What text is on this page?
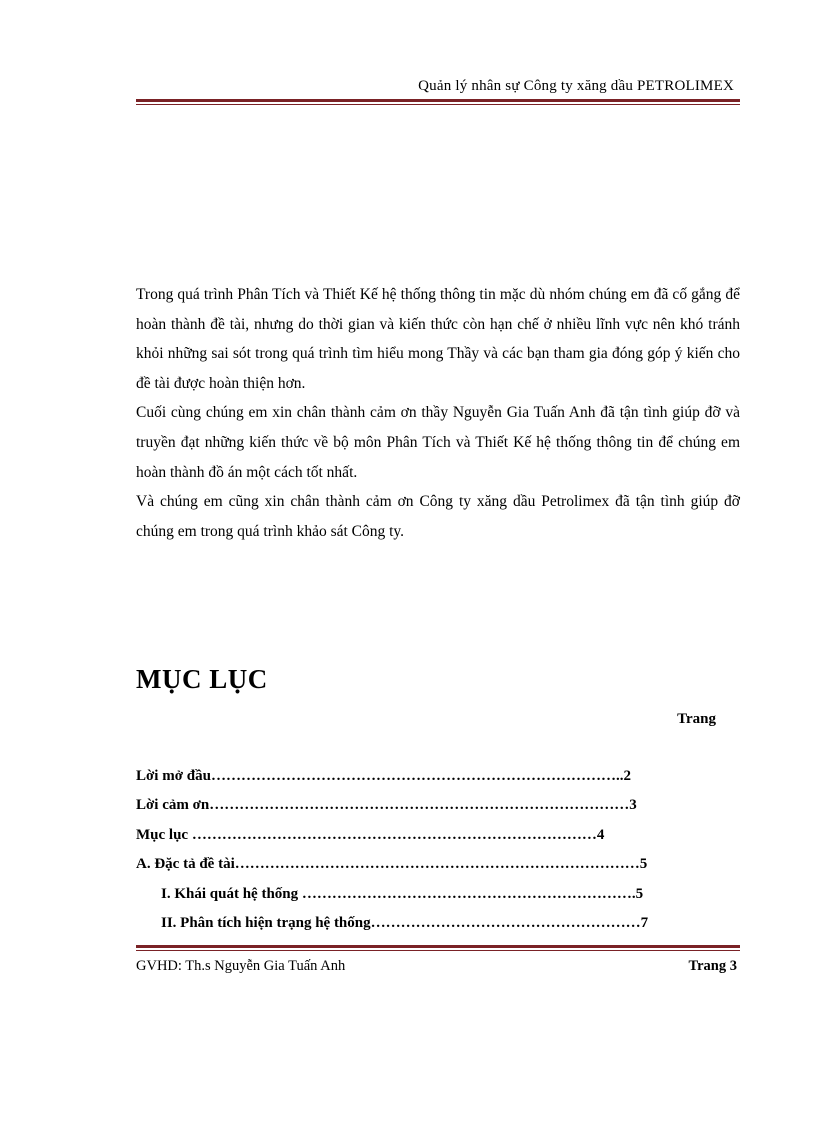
Quản lý nhân sự Công ty xăng dầu PETROLIMEX

Trong quá trình Phân Tích và Thiết Kế hệ thống thông tin mặc dù nhóm chúng em đã cố gắng để hoàn thành đề tài, nhưng do thời gian và kiến thức còn hạn chế ở nhiều lĩnh vực nên khó tránh khỏi những sai sót trong quá trình tìm hiểu mong Thầy và các bạn tham gia đóng góp ý kiến cho đề tài được hoàn thiện hơn.

Cuối cùng chúng em xin chân thành cảm ơn thầy Nguyễn Gia Tuấn Anh đã tận tình giúp đỡ và truyền đạt những kiến thức về bộ môn Phân Tích và Thiết Kế hệ thống thông tin để chúng em hoàn thành đồ án một cách tốt nhất.

Và chúng em cũng xin chân thành cảm ơn Công ty xăng dầu Petrolimex đã tận tình giúp đỡ chúng em trong quá trình khảo sát Công ty.

MỤC LỤC
Trang
Lời mở đầu………………………………………………………………………..2
Lời cảm ơn…………………………………………………………………………3
Mục lục ………………………………………………………………………4
A. Đặc tả đề tài………………………………………………………………………5
I. Khái quát hệ thống ………………………………………………………….5
II. Phân tích hiện trạng hệ thống………………………………………………7
GVHD: Th.s Nguyễn Gia Tuấn Anh	Trang 3
